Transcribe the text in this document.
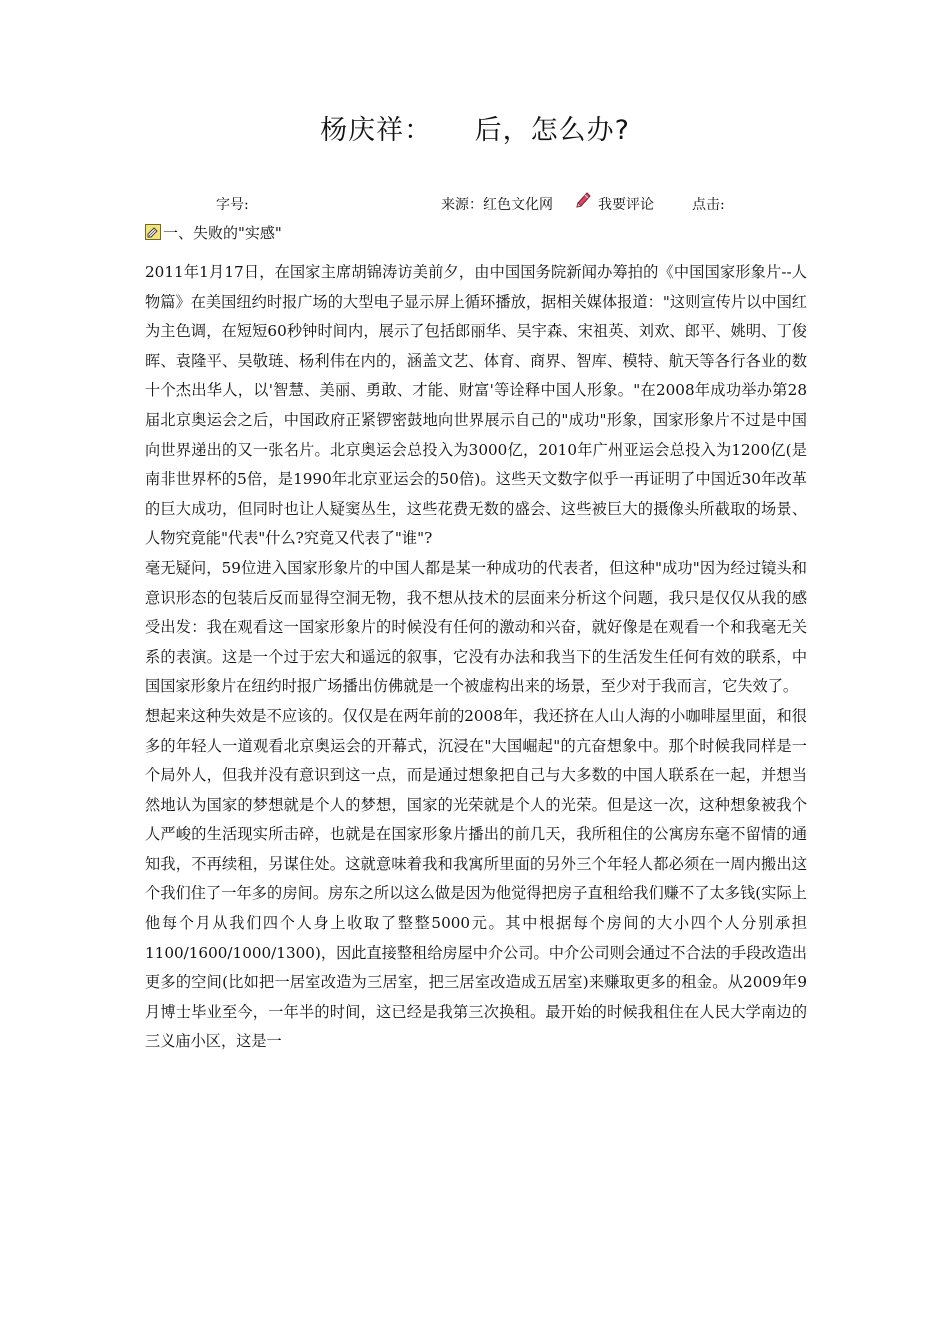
杨庆祥：　　后，怎么办?
字号:	来源：红色文化网	我要评论	点击:
一、失败的"实感"

2011年1月17日，在国家主席胡锦涛访美前夕，由中国国务院新闻办筹拍的《中国国家形象片--人物篇》在美国纽约时报广场的大型电子显示屏上循环播放，据相关媒体报道："这则宣传片以中国红为主色调，在短短60秒钟时间内，展示了包括郎丽华、吴宇森、宋祖英、刘欢、郎平、姚明、丁俊晖、袁隆平、吴敬琏、杨利伟在内的，涵盖文艺、体育、商界、智库、模特、航天等各行各业的数十个杰出华人，以'智慧、美丽、勇敢、才能、财富'等诠释中国人形象。"在2008年成功举办第28届北京奥运会之后，中国政府正紧锣密鼓地向世界展示自己的"成功"形象，国家形象片不过是中国向世界递出的又一张名片。北京奥运会总投入为3000亿，2010年广州亚运会总投入为1200亿(是南非世界杯的5倍，是1990年北京亚运会的50倍)。这些天文数字似乎一再证明了中国近30年改革的巨大成功，但同时也让人疑窦丛生，这些花费无数的盛会、这些被巨大的摄像头所截取的场景、人物究竟能"代表"什么?究竟又代表了"谁"?

毫无疑问，59位进入国家形象片的中国人都是某一种成功的代表者，但这种"成功"因为经过镜头和意识形态的包装后反而显得空洞无物，我不想从技术的层面来分析这个问题，我只是仅仅从我的感受出发：我在观看这一国家形象片的时候没有任何的激动和兴奋，就好像是在观看一个和我毫无关系的表演。这是一个过于宏大和遥远的叙事，它没有办法和我当下的生活发生任何有效的联系，中国国家形象片在纽约时报广场播出仿佛就是一个被虚构出来的场景，至少对于我而言，它失效了。

想起来这种失效是不应该的。仅仅是在两年前的2008年，我还挤在人山人海的小咖啡屋里面，和很多的年轻人一道观看北京奥运会的开幕式，沉浸在"大国崛起"的亢奋想象中。那个时候我同样是一个局外人，但我并没有意识到这一点，而是通过想象把自己与大多数的中国人联系在一起，并想当然地认为国家的梦想就是个人的梦想，国家的光荣就是个人的光荣。但是这一次，这种想象被我个人严峻的生活现实所击碎，也就是在国家形象片播出的前几天，我所租住的公寓房东毫不留情的通知我，不再续租，另谋住处。这就意味着我和我寓所里面的另外三个年轻人都必须在一周内搬出这个我们住了一年多的房间。房东之所以这么做是因为他觉得把房子直租给我们赚不了太多钱(实际上他每个月从我们四个人身上收取了整整5000元。其中根据每个房间的大小四个人分别承担1100/1600/1000/1300)，因此直接整租给房屋中介公司。中介公司则会通过不合法的手段改造出更多的空间(比如把一居室改造为三居室，把三居室改造成五居室)来赚取更多的租金。从2009年9月博士毕业至今，一年半的时间，这已经是我第三次换租。最开始的时候我租住在人民大学南边的三义庙小区，这是一
